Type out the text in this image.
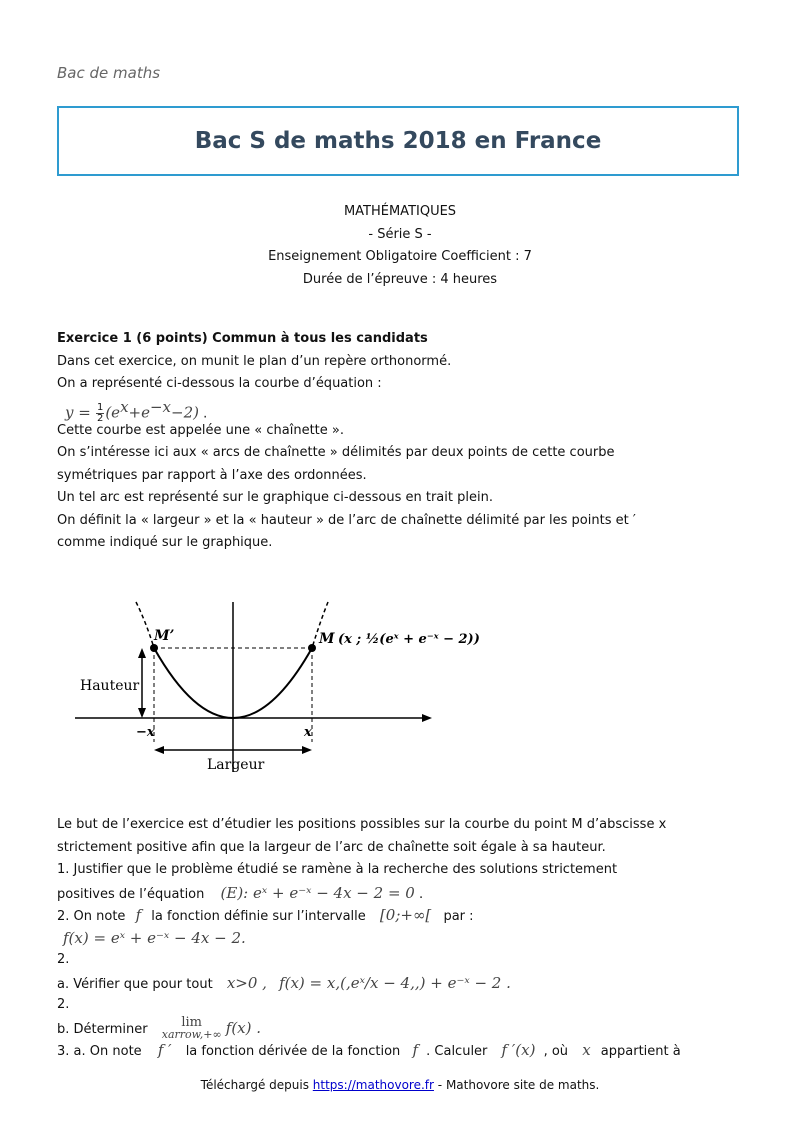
Bac de maths
Bac S de maths 2018 en France
MATHÉMATIQUES
- Série S -
Enseignement Obligatoire Coefficient : 7
Durée de l’épreuve : 4 heures
Exercice 1 (6 points) Commun à tous les candidats
Dans cet exercice, on munit le plan d’un repère orthonormé.
On a représenté ci-dessous la courbe d’équation :
$y = \frac{1}{2} (e^x+e^{-x}-2)$ .
Cette courbe est appelée une « chaînette ».
On s’intéresse ici aux « arcs de chaînette » délimités par deux points de cette courbe
symétriques par rapport à l’axe des ordonnées.
Un tel arc est représenté sur le graphique ci-dessous en trait plein.
On définit la « largeur » et la « hauteur » de l’arc de chaînette délimité par les points et ′
comme indiqué sur le graphique.
M’	M (x ; ½(eˣ + e⁻ˣ − 2))
Hauteur
−x	x
Largeur
Le but de l’exercice est d’étudier les positions possibles sur la courbe du point M d’abscisse x
strictement positive afin que la largeur de l’arc de chaînette soit égale à sa hauteur.
1. Justifier que le problème étudié se ramène à la recherche des solutions strictement
positives de l’équation (E): eˣ + e⁻ˣ − 4x − 2 = 0 .
2. On note f la fonction définie sur l’intervalle [0;+∞[ par :
f(x) = eˣ + e⁻ˣ − 4x − 2.
2.
a. Vérifier que pour tout x>0 , f(x) = x,(,eˣ/x − 4,,) + e⁻ˣ − 2 .
2.
b. Déterminer	lim
xarrow,+∞ f(x) .
3. a. On note f ′ la fonction dérivée de la fonction f . Calculer f ′(x) , où x appartient à
Téléchargé depuis https://mathovore.fr - Mathovore site de maths.
